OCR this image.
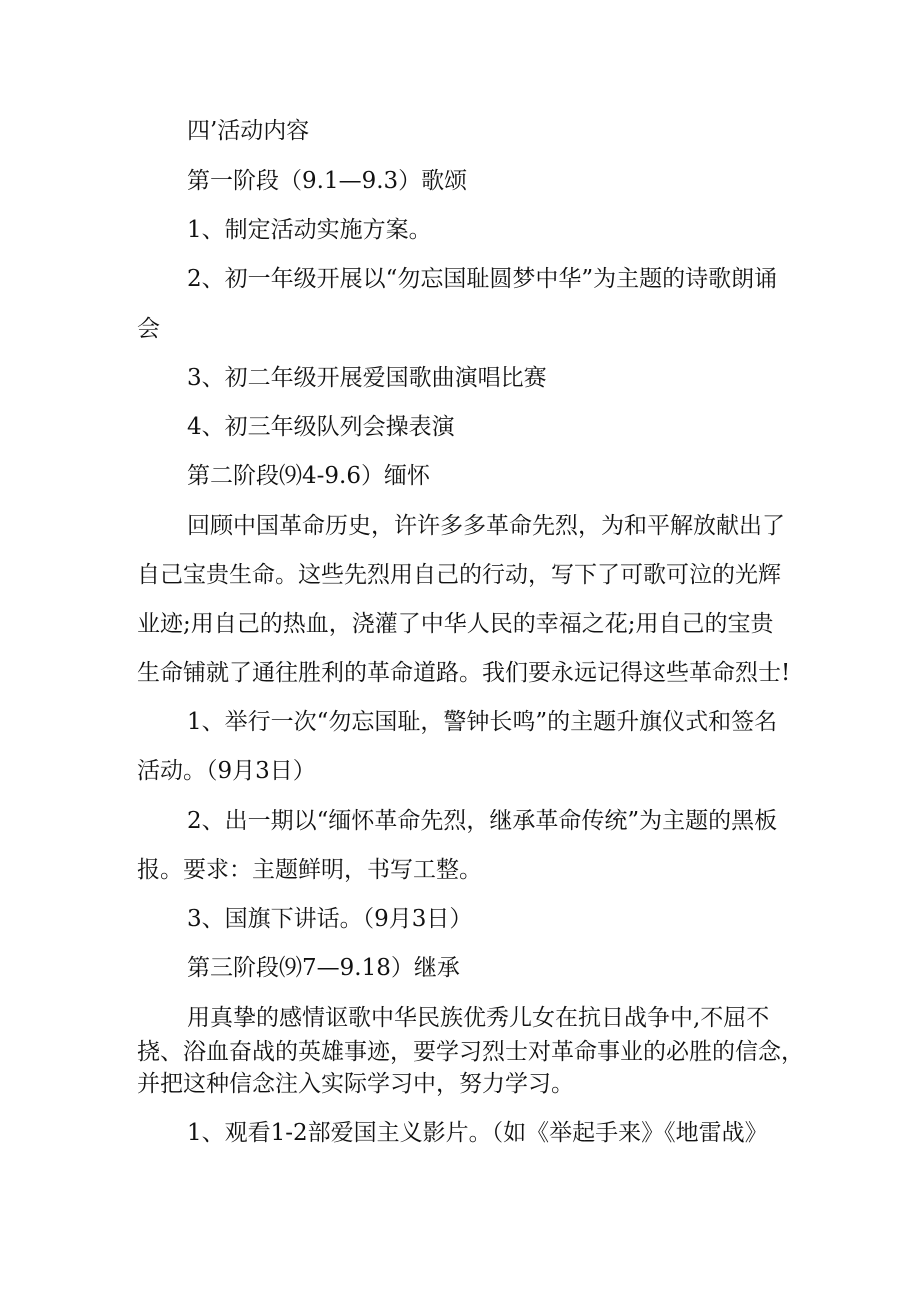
四’活动内容
第一阶段（9.1—9.3）歌颂
1、制定活动实施方案。
2、初一年级开展以“勿忘国耻圆梦中华”为主题的诗歌朗诵
会
3、初二年级开展爱国歌曲演唱比赛
4、初三年级队列会操表演
第二阶段⑼4-9.6）缅怀
回顾中国革命历史，许许多多革命先烈，为和平解放献出了
自己宝贵生命。这些先烈用自己的行动，写下了可歌可泣的光辉
业迹;用自己的热血，浇灌了中华人民的幸福之花;用自己的宝贵
生命铺就了通往胜利的革命道路。我们要永远记得这些革命烈士!
1、举行一次“勿忘国耻，警钟长鸣”的主题升旗仪式和签名
活动。（9月3日）
2、出一期以“缅怀革命先烈，继承革命传统”为主题的黑板
报。要求：主题鲜明，书写工整。
3、国旗下讲话。（9月3日）
第三阶段⑼7—9.18）继承
用真挚的感情讴歌中华民族优秀儿女在抗日战争中,不屈不
挠、浴血奋战的英雄事迹，要学习烈士对革命事业的必胜的信念，
并把这种信念注入实际学习中，努力学习。
1、观看1-2部爱国主义影片。（如《举起手来》《地雷战》
